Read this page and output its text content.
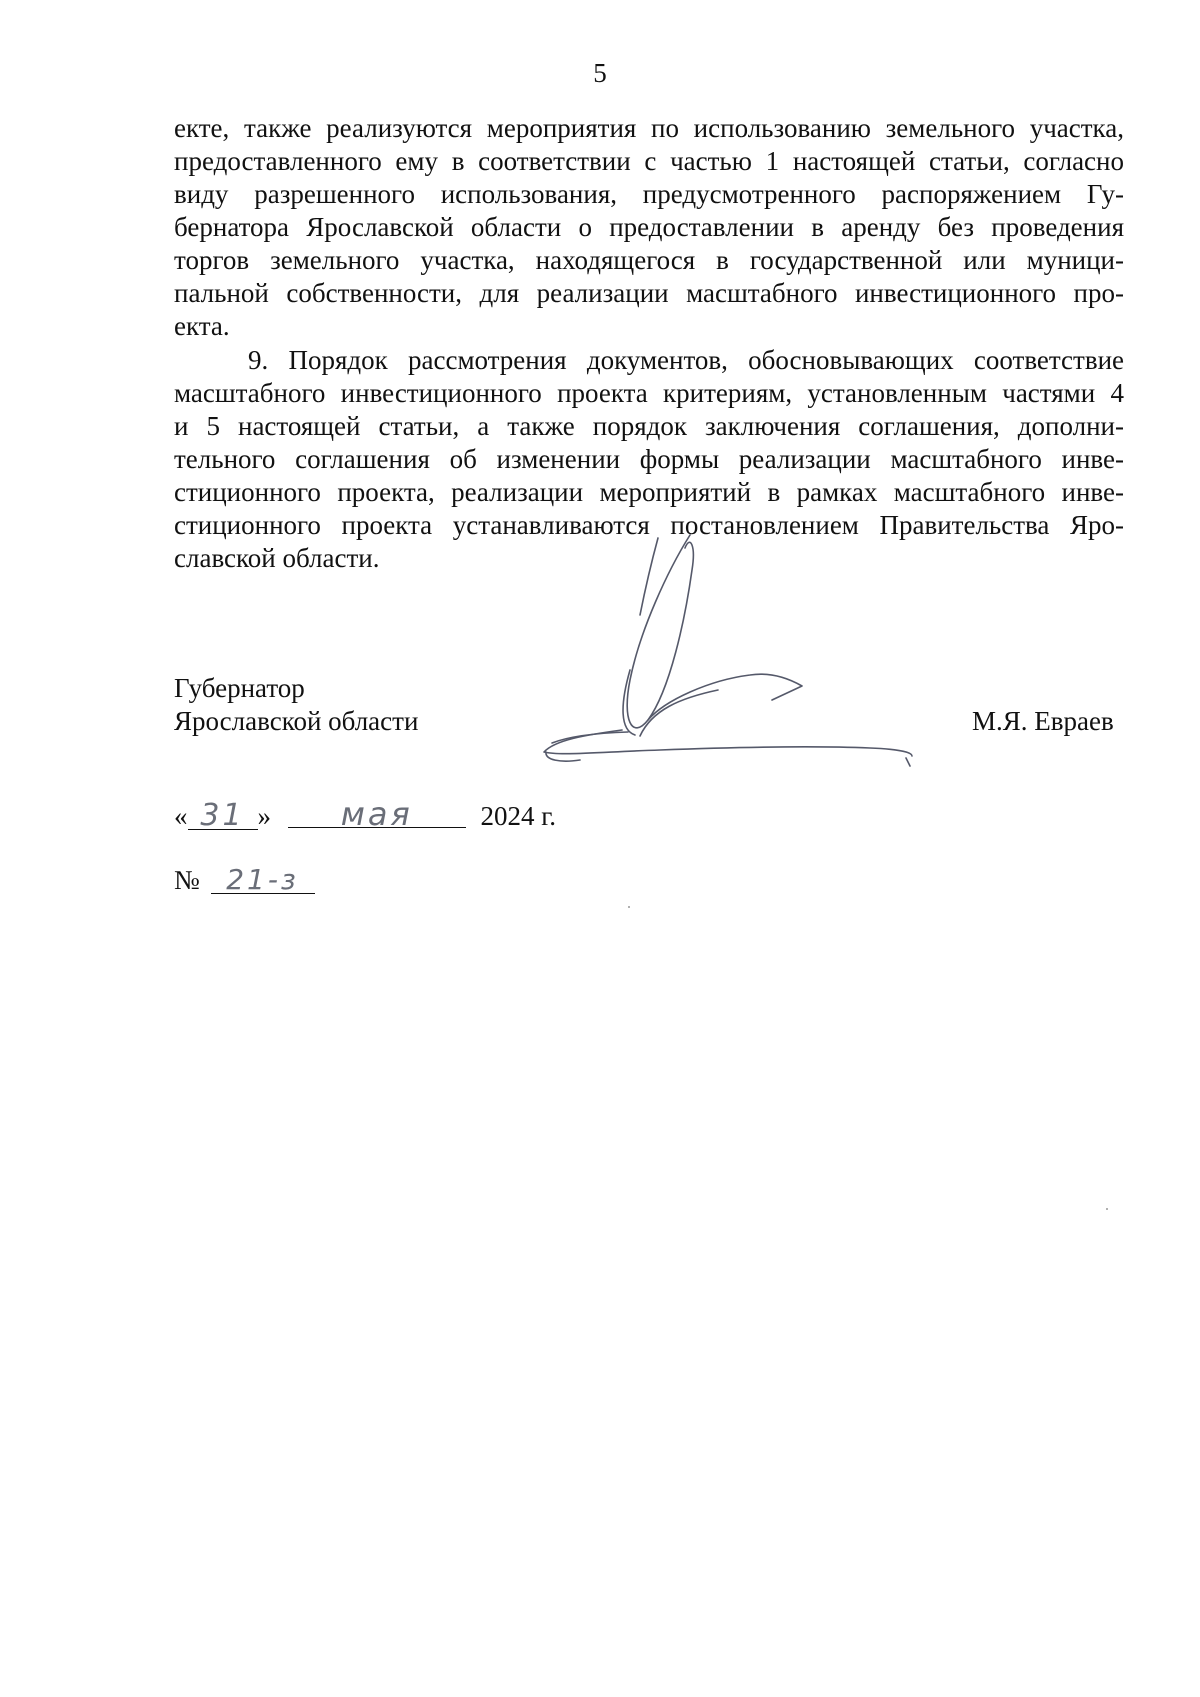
5
екте, также реализуются мероприятия по использованию земельного участка,
предоставленного ему в соответствии с частью 1 настоящей статьи, согласно
виду разрешенного использования, предусмотренного распоряжением Гу-
бернатора Ярославской области о предоставлении в аренду без проведения
торгов земельного участка, находящегося в государственной или муници-
пальной собственности, для реализации масштабного инвестиционного про-
екта.
9. Порядок рассмотрения документов, обосновывающих соответствие
масштабного инвестиционного проекта критериям, установленным частями 4
и 5 настоящей статьи, а также порядок заключения соглашения, дополни-
тельного соглашения об изменении формы реализации масштабного инве-
стиционного проекта, реализации мероприятий в рамках масштабного инве-
стиционного проекта устанавливаются постановлением Правительства Яро-
славской области.
Губернатор
Ярославской области	М.Я. Евраев
« 31 » мая	2024 г.
№ 21-з
